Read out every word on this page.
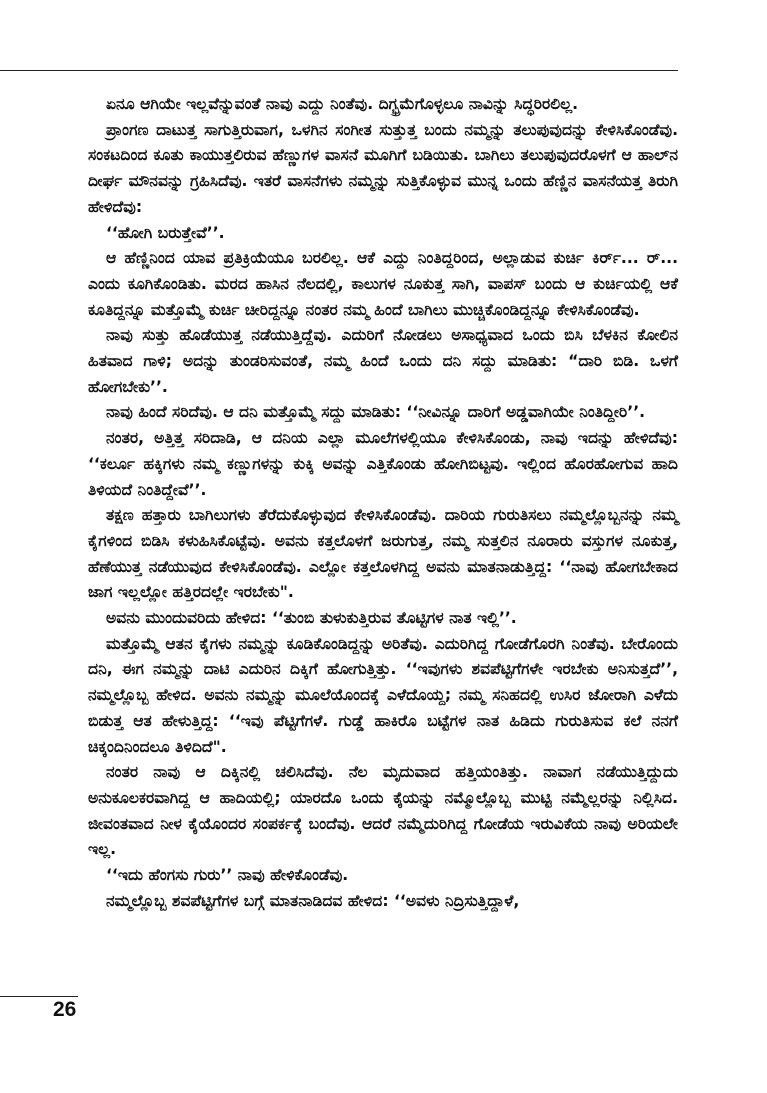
ಏನೂ ಆಗಿಯೇ ಇಲ್ಲವೆನ್ನುವಂತೆ ನಾವು ಎದ್ದು ನಿಂತೆವು. ದಿಗ್ಭ್ರಮೆಗೊಳ್ಳಲೂ ನಾವಿನ್ನು ಸಿದ್ಧರಿರಲಿಲ್ಲ.

ಪ್ರಾಂಗಣ ದಾಟುತ್ತ ಸಾಗುತ್ತಿರುವಾಗ, ಒಳಗಿನ ಸಂಗೀತ ಸುತ್ತುತ್ತ ಬಂದು ನಮ್ಮನ್ನು ತಲುಪುವುದನ್ನು ಕೇಳಿಸಿಕೊಂಡೆವು. ಸಂಕಟದಿಂದ ಕೂತು ಕಾಯುತ್ತಲಿರುವ ಹೆಣ್ಣುಗಳ ವಾಸನೆ ಮೂಗಿಗೆ ಬಡಿಯಿತು. ಬಾಗಿಲು ತಲುಪುವುದರೊಳಗೆ ಆ ಹಾಲ್‌ನ ದೀರ್ಘ ಮೌನವನ್ನು ಗ್ರಹಿಸಿದೆವು. ಇತರೆ ವಾಸನೆಗಳು ನಮ್ಮನ್ನು ಸುತ್ತಿಕೊಳ್ಳುವ ಮುನ್ನ ಒಂದು ಹೆಣ್ಣಿನ ವಾಸನೆಯತ್ತ ತಿರುಗಿ ಹೇಳಿದೆವು:

‘‘ಹೋಗಿ ಬರುತ್ತೇವೆ’’.

ಆ ಹೆಣ್ಣಿನಿಂದ ಯಾವ ಪ್ರತಿಕ್ರಿಯೆಯೂ ಬರಲಿಲ್ಲ. ಆಕೆ ಎದ್ದು ನಿಂತಿದ್ದರಿಂದ, ಅಲ್ಲಾಡುವ ಕುರ್ಚಿ ಕಿರ್ರ್... ರ್‌... ಎಂದು ಕೂಗಿಕೊಂಡಿತು. ಮರದ ಹಾಸಿನ ನೆಲದಲ್ಲಿ, ಕಾಲುಗಳ ನೂಕುತ್ತ ಸಾಗಿ, ವಾಪಸ್ ಬಂದು ಆ ಕುರ್ಚಿಯಲ್ಲಿ ಆಕೆ ಕೂತಿದ್ದನ್ನೂ ಮತ್ತೊಮ್ಮೆ ಕುರ್ಚಿ ಚೀರಿದ್ದನ್ನೂ ನಂತರ ನಮ್ಮ ಹಿಂದೆ ಬಾಗಿಲು ಮುಚ್ಚಿಕೊಂಡಿದ್ದನ್ನೂ ಕೇಳಿಸಿಕೊಂಡೆವು.

ನಾವು ಸುತ್ತು ಹೊಡೆಯುತ್ತ ನಡೆಯುತ್ತಿದ್ದೆವು. ಎದುರಿಗೆ ನೋಡಲು ಅಸಾಧ್ಯವಾದ ಒಂದು ಬಿಸಿ ಬೆಳಕಿನ ಕೋಲಿನ ಹಿತವಾದ ಗಾಳಿ; ಅದನ್ನು ತುಂಡರಿಸುವಂತೆ, ನಮ್ಮ ಹಿಂದೆ ಒಂದು ದನಿ ಸದ್ದು ಮಾಡಿತು: “ದಾರಿ ಬಿಡಿ. ಒಳಗೆ ಹೋಗಬೇಕು’’.

ನಾವು ಹಿಂದೆ ಸರಿದೆವು. ಆ ದನಿ ಮತ್ತೊಮ್ಮೆ ಸದ್ದು ಮಾಡಿತು: ‘‘ನೀವಿನ್ನೂ ದಾರಿಗೆ ಅಡ್ಡವಾಗಿಯೇ ನಿಂತಿದ್ದೀರಿ’’.

ನಂತರ, ಅತ್ತಿತ್ತ ಸರಿದಾಡಿ, ಆ ದನಿಯ ಎಲ್ಲಾ ಮೂಲೆಗಳಲ್ಲಿಯೂ ಕೇಳಿಸಿಕೊಂಡು, ನಾವು ಇದನ್ನು ಹೇಳಿದೆವು: ‘‘ಕರ್ಲೂ ಹಕ್ಕಿಗಳು ನಮ್ಮ ಕಣ್ಣುಗಳನ್ನು ಕುಕ್ಕಿ ಅವನ್ನು ಎತ್ತಿಕೊಂಡು ಹೋಗಿಬಿಟ್ಟವು. ಇಲ್ಲಿಂದ ಹೊರಹೋಗುವ ಹಾದಿ ತಿಳಿಯದೆ ನಿಂತಿದ್ದೇವೆ’’.

ತಕ್ಷಣ ಹತ್ತಾರು ಬಾಗಿಲುಗಳು ತೆರೆದುಕೊಳ್ಳುವುದ ಕೇಳಿಸಿಕೊಂಡೆವು. ದಾರಿಯ ಗುರುತಿಸಲು ನಮ್ಮಲ್ಲೊಬ್ಬನನ್ನು ನಮ್ಮ ಕೈಗಳಿಂದ ಬಿಡಿಸಿ ಕಳುಹಿಸಿಕೊಟ್ಟೆವು. ಅವನು ಕತ್ತಲೊಳಗೆ ಜರುಗುತ್ತ, ನಮ್ಮ ಸುತ್ತಲಿನ ನೂರಾರು ವಸ್ತುಗಳ ನೂಕುತ್ತ, ಹೆಣೆಯುತ್ತ ನಡೆಯುವುದ ಕೇಳಿಸಿಕೊಂಡೆವು. ಎಲ್ಲೋ ಕತ್ತಲೊಳಗಿದ್ದ ಅವನು ಮಾತನಾಡುತ್ತಿದ್ದ: ‘‘ನಾವು ಹೋಗಬೇಕಾದ ಜಾಗ ಇಲ್ಲಲ್ಲೋ ಹತ್ತಿರದಲ್ಲೇ ಇರಬೇಕು".

ಅವನು ಮುಂದುವರಿದು ಹೇಳಿದ: ‘‘ತುಂಬಿ ತುಳುಕುತ್ತಿರುವ ತೊಟ್ಟಿಗಳ ನಾತ ಇಲ್ಲಿ’’.

ಮತ್ತೊಮ್ಮೆ ಆತನ ಕೈಗಳು ನಮ್ಮನ್ನು ಕೂಡಿಕೊಂಡಿದ್ದನ್ನು ಅರಿತೆವು. ಎದುರಿಗಿದ್ದ ಗೋಡೆಗೊರಗಿ ನಿಂತೆವು. ಬೇರೊಂದು ದನಿ, ಈಗ ನಮ್ಮನ್ನು ದಾಟಿ ಎದುರಿನ ದಿಕ್ಕಿಗೆ ಹೋಗುತ್ತಿತ್ತು. ‘‘ಇವುಗಳು ಶವಪೆಟ್ಟಿಗೆಗಳೇ ಇರಬೇಕು ಅನಿಸುತ್ತದೆ’’, ನಮ್ಮಲ್ಲೊಬ್ಬ ಹೇಳಿದ. ಅವನು ನಮ್ಮನ್ನು ಮೂಲೆಯೊಂದಕ್ಕೆ ಎಳೆದೊಯ್ದ; ನಮ್ಮ ಸನಿಹದಲ್ಲಿ ಉಸಿರ ಜೋರಾಗಿ ಎಳೆದು ಬಿಡುತ್ತ ಆತ ಹೇಳುತ್ತಿದ್ದ: ‘‘ಇವು ಪೆಟ್ಟಿಗೆಗಳೆ. ಗುಡ್ಡೆ ಹಾಕಿರೊ ಬಟ್ಟೆಗಳ ನಾತ ಹಿಡಿದು ಗುರುತಿಸುವ ಕಲೆ ನನಗೆ ಚಿಕ್ಕಂದಿನಿಂದಲೂ ತಿಳಿದಿದೆ".

ನಂತರ ನಾವು ಆ ದಿಕ್ಕಿನಲ್ಲಿ ಚಲಿಸಿದೆವು. ನೆಲ ಮೃದುವಾದ ಹತ್ತಿಯಂತಿತ್ತು. ನಾವಾಗ ನಡೆಯುತ್ತಿದ್ದುದು ಅನುಕೂಲಕರವಾಗಿದ್ದ ಆ ಹಾದಿಯಲ್ಲಿ; ಯಾರದೊ ಒಂದು ಕೈಯನ್ನು ನಮ್ಮೊಲ್ಲೊಬ್ಬ ಮುಟ್ಟಿ ನಮ್ಮೆಲ್ಲರನ್ನು ನಿಲ್ಲಿಸಿದ. ಜೀವಂತವಾದ ನೀಳ ಕೈಯೊಂದರ ಸಂಪರ್ಕಕ್ಕೆ ಬಂದೆವು. ಆದರೆ ನಮ್ಮೆದುರಿಗಿದ್ದ ಗೋಡೆಯ ಇರುವಿಕೆಯ ನಾವು ಅರಿಯಲೇ ಇಲ್ಲ.

‘‘ಇದು ಹೆಂಗಸು ಗುರು’’ ನಾವು ಹೇಳಿಕೊಂಡೆವು.

ನಮ್ಮಲ್ಲೊಬ್ಬ ಶವಪೆಟ್ಟಿಗೆಗಳ ಬಗ್ಗೆ ಮಾತನಾಡಿದವ ಹೇಳಿದ: ‘‘ಅವಳು ನಿದ್ರಿಸುತ್ತಿದ್ದಾಳೆ,

26
